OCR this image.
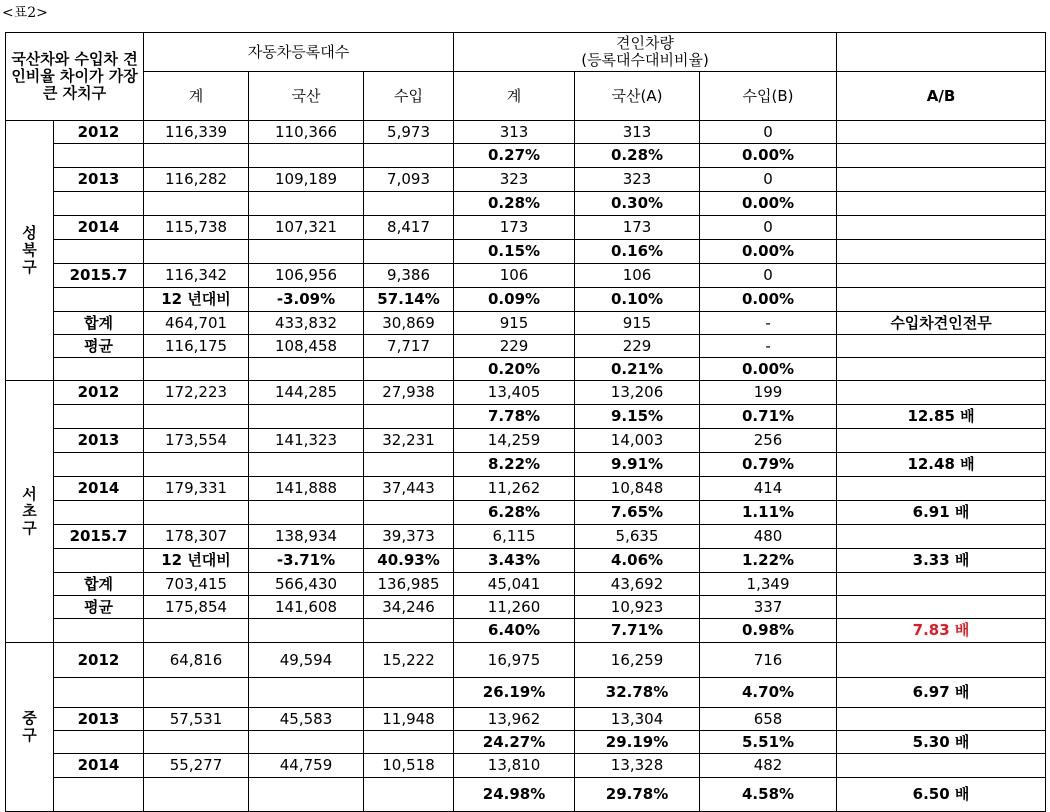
<표2>
국산차와 수입차 견인비율 차이가 가장 큰 자치구		자동차등록대수			견인차량
(등록대수대비비율)			

		계	국산	수입	계	국산(A)	수입(B)	A/B

성
북
구	2012	116,339	110,366	5,973	313	313	0	
					0.27%	0.28%	0.00%	
	2013	116,282	109,189	7,093	323	323	0	
					0.28%	0.30%	0.00%	
	2014	115,738	107,321	8,417	173	173	0	
					0.15%	0.16%	0.00%	
	2015.7	116,342	106,956	9,386	106	106	0	
		12 년대비	-3.09%	57.14%	0.09%	0.10%	0.00%	
	합계	464,701	433,832	30,869	915	915	-	수입차견인전무
	평균	116,175	108,458	7,717	229	229	-	
					0.20%	0.21%	0.00%	

서
초
구	2012	172,223	144,285	27,938	13,405	13,206	199	
					7.78%	9.15%	0.71%	12.85 배
	2013	173,554	141,323	32,231	14,259	14,003	256	
					8.22%	9.91%	0.79%	12.48 배
	2014	179,331	141,888	37,443	11,262	10,848	414	
					6.28%	7.65%	1.11%	6.91 배
	2015.7	178,307	138,934	39,373	6,115	5,635	480	
		12 년대비	-3.71%	40.93%	3.43%	4.06%	1.22%	3.33 배
	합계	703,415	566,430	136,985	45,041	43,692	1,349	
	평균	175,854	141,608	34,246	11,260	10,923	337	
					6.40%	7.71%	0.98%	7.83 배

중
구	2012	64,816	49,594	15,222	16,975	16,259	716	
					26.19%	32.78%	4.70%	6.97 배
	2013	57,531	45,583	11,948	13,962	13,304	658	
					24.27%	29.19%	5.51%	5.30 배
	2014	55,277	44,759	10,518	13,810	13,328	482	
					24.98%	29.78%	4.58%	6.50 배
